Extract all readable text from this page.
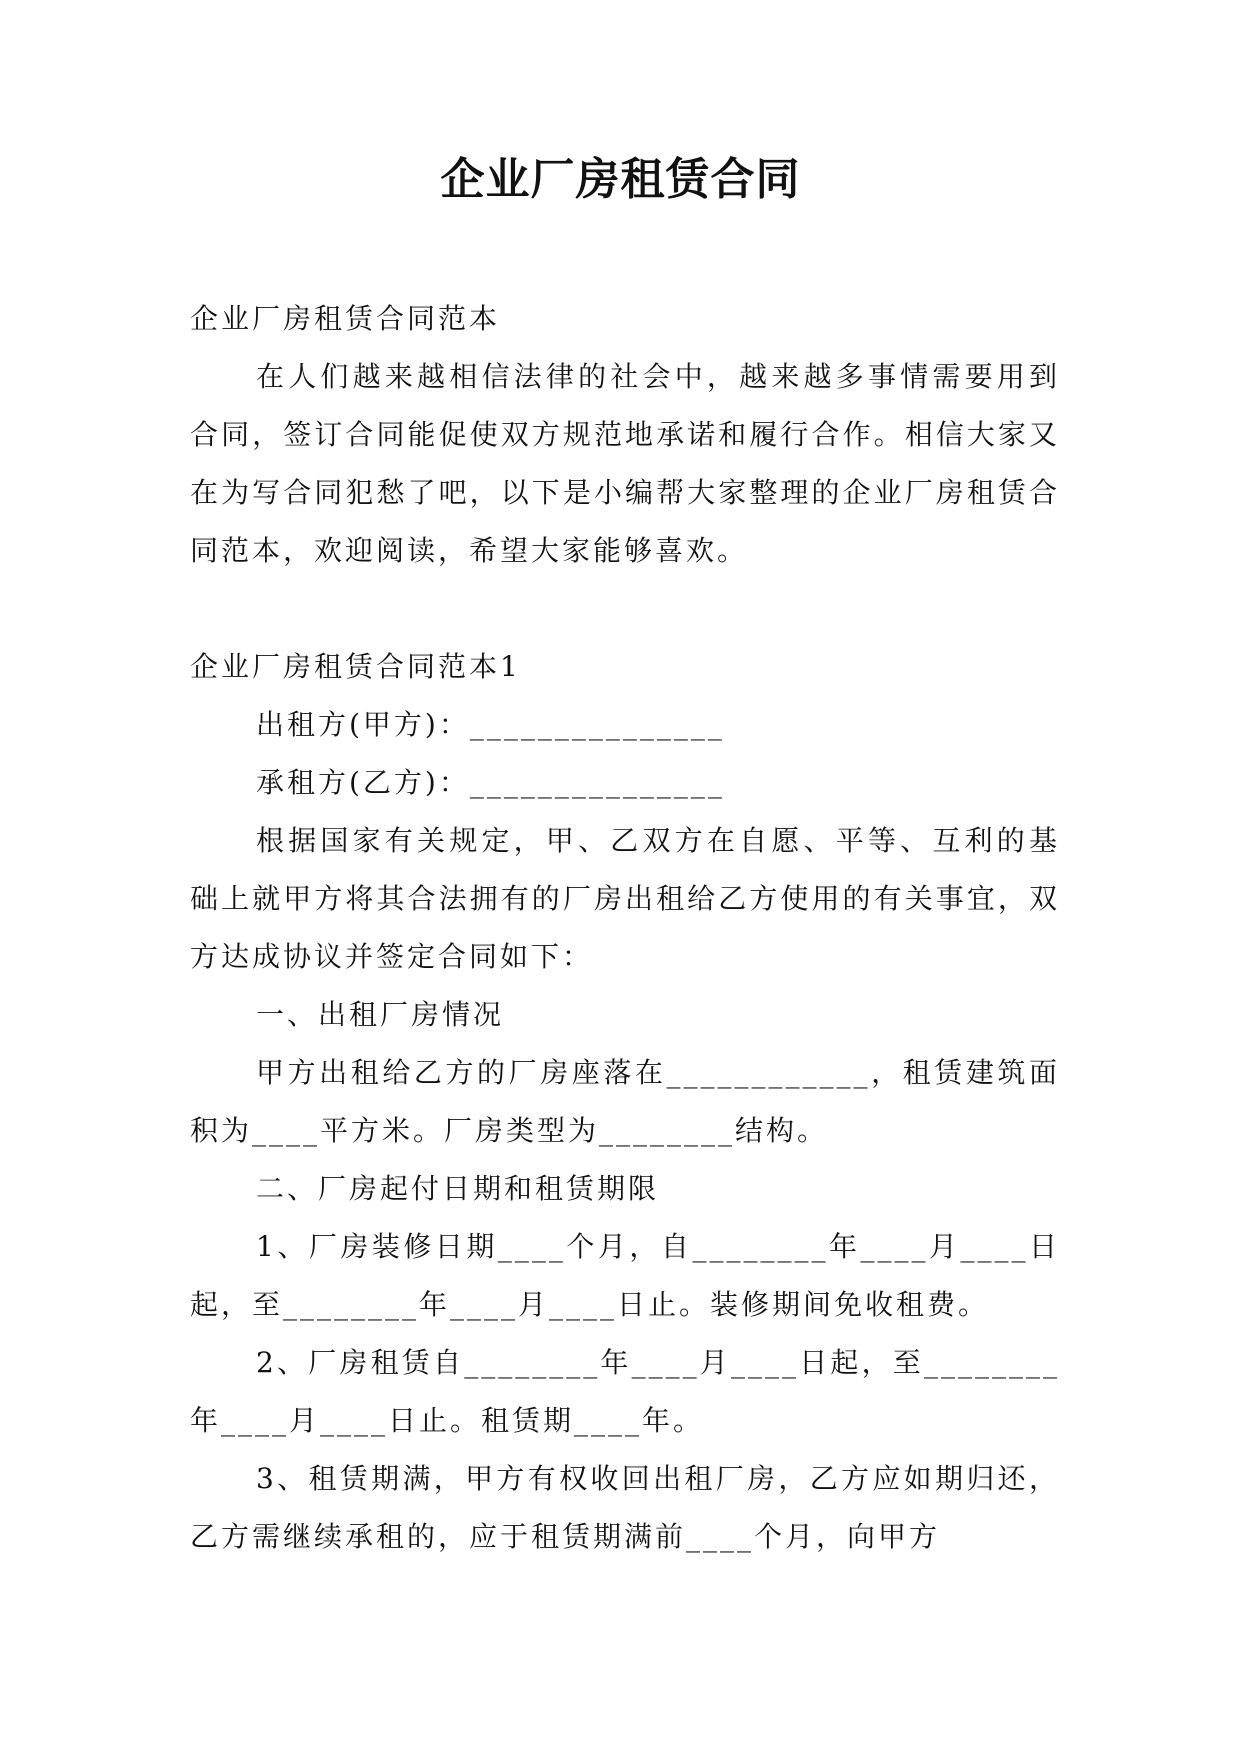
企业厂房租赁合同

企业厂房租赁合同范本

在人们越来越相信法律的社会中，越来越多事情需要用到合同，签订合同能促使双方规范地承诺和履行合作。相信大家又在为写合同犯愁了吧，以下是小编帮大家整理的企业厂房租赁合同范本，欢迎阅读，希望大家能够喜欢。

企业厂房租赁合同范本1

出租方(甲方)：_______________

承租方(乙方)：_______________

根据国家有关规定，甲、乙双方在自愿、平等、互利的基础上就甲方将其合法拥有的厂房出租给乙方使用的有关事宜，双方达成协议并签定合同如下：

一、出租厂房情况

甲方出租给乙方的厂房座落在____________，租赁建筑面积为____平方米。厂房类型为________结构。

二、厂房起付日期和租赁期限

1、厂房装修日期____个月，自________年____月____日起，至________年____月____日止。装修期间免收租费。

2、厂房租赁自________年____月____日起，至________年____月____日止。租赁期____年。

3、租赁期满，甲方有权收回出租厂房，乙方应如期归还，乙方需继续承租的，应于租赁期满前____个月，向甲方
